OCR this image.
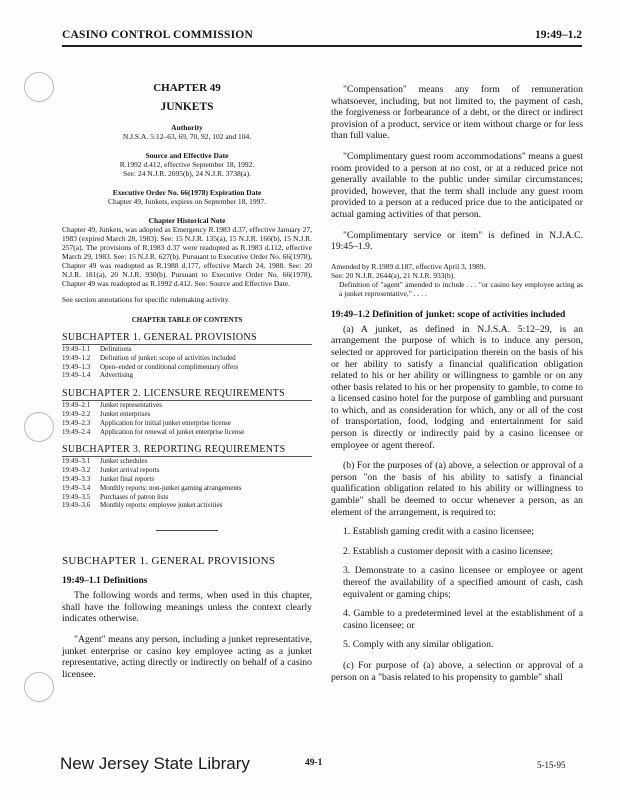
CASINO CONTROL COMMISSION	19:49–1.2
CHAPTER 49
JUNKETS
Authority
N.J.S.A. 5:12–63, 69, 70, 92, 102 and 104.
Source and Effective Date
R.1992 d.412, effective September 18, 1992.
See: 24 N.J.R. 2695(b), 24 N.J.R. 3738(a).
Executive Order No. 66(1978) Expiration Date
Chapter 49, Junkets, expires on September 18, 1997.
Chapter Historical Note
Chapter 49, Junkets, was adopted as Emergency R.1983 d.37, effective January 27, 1983 (expired March 28, 1983). See: 15 N.J.R. 135(a), 15 N.J.R. 166(b), 15 N.J.R. 257(a). The provisions of R.1983 d.37 were readopted as R.1983 d.112, effective March 29, 1983. See: 15 N.J.R. 627(b). Pursuant to Executive Order No. 66(1978), Chapter 49 was readopted as R.1988 d.177, effective March 24, 1988. See: 20 N.J.R. 181(a), 20 N.J.R. 930(b). Pursuant to Executive Order No. 66(1978), Chapter 49 was readopted as R.1992 d.412. See: Source and Effective Date.
See section annotations for specific rulemaking activity.
CHAPTER TABLE OF CONTENTS
SUBCHAPTER 1. GENERAL PROVISIONS
19:49–1.1	Definitions
19:49–1.2	Definition of junket: scope of activities included
19:49–1.3	Open–ended or conditional complimentary offers
19:49–1.4	Advertising
SUBCHAPTER 2. LICENSURE REQUIREMENTS
19:49–2.1	Junket representatives
19:49–2.2	Junket enterprises
19:49–2.3	Application for initial junket enterprise license
19:49–2.4	Application for renewal of junket enterprise license
SUBCHAPTER 3. REPORTING REQUIREMENTS
19:49–3.1	Junket schedules
19:49–3.2	Junket arrival reports
19:49–3.3	Junket final reports
19:49–3.4	Monthly reports: non-junket gaming arrangements
19:49–3.5	Purchases of patron lists
19:49–3.6	Monthly reports: employee junket activities
SUBCHAPTER 1. GENERAL PROVISIONS
19:49–1.1 Definitions
The following words and terms, when used in this chapter, shall have the following meanings unless the context clearly indicates otherwise.
"Agent" means any person, including a junket representative, junket enterprise or casino key employee acting as a junket representative, acting directly or indirectly on behalf of a casino licensee.
"Compensation" means any form of remuneration whatsoever, including, but not limited to, the payment of cash, the forgiveness or forbearance of a debt, or the direct or indirect provision of a product, service or item without charge or for less than full value.
"Complimentary guest room accommodations" means a guest room provided to a person at no cost, or at a reduced price not generally available to the public under similar circumstances; provided, however, that the term shall include any guest room provided to a person at a reduced price due to the anticipated or actual gaming activities of that person.
"Complimentary service or item" is defined in N.J.A.C. 19:45–1.9.
Amended by R.1989 d.187, effective April 3, 1989.
See: 20 N.J.R. 2644(a), 21 N.J.R. 933(b).
Definition of "agent" amended to include . . . "or casino key employee acting as a junket representative," . . . .
19:49–1.2 Definition of junket: scope of activities included
(a) A junket, as defined in N.J.S.A. 5:12–29, is an arrangement the purpose of which is to induce any person, selected or approved for participation therein on the basis of his or her ability to satisfy a financial qualification obligation related to his or her ability or willingness to gamble or on any other basis related to his or her propensity to gamble, to come to a licensed casino hotel for the purpose of gambling and pursuant to which, and as consideration for which, any or all of the cost of transportation, food, lodging and entertainment for said person is directly or indirectly paid by a casino licensee or employee or agent thereof.
(b) For the purposes of (a) above, a selection or approval of a person "on the basis of his ability to satisfy a financial qualification obligation related to his ability or willingness to gamble" shall be deemed to occur whenever a person, as an element of the arrangement, is required to:
1. Establish gaming credit with a casino licensee;
2. Establish a customer deposit with a casino licensee;
3. Demonstrate to a casino licensee or employee or agent thereof the availability of a specified amount of cash, cash equivalent or gaming chips;
4. Gamble to a predetermined level at the establishment of a casino licensee; or
5. Comply with any similar obligation.
(c) For purpose of (a) above, a selection or approval of a person on a "basis related to his propensity to gamble" shall
New Jersey State Library	49-1	5-15-95
